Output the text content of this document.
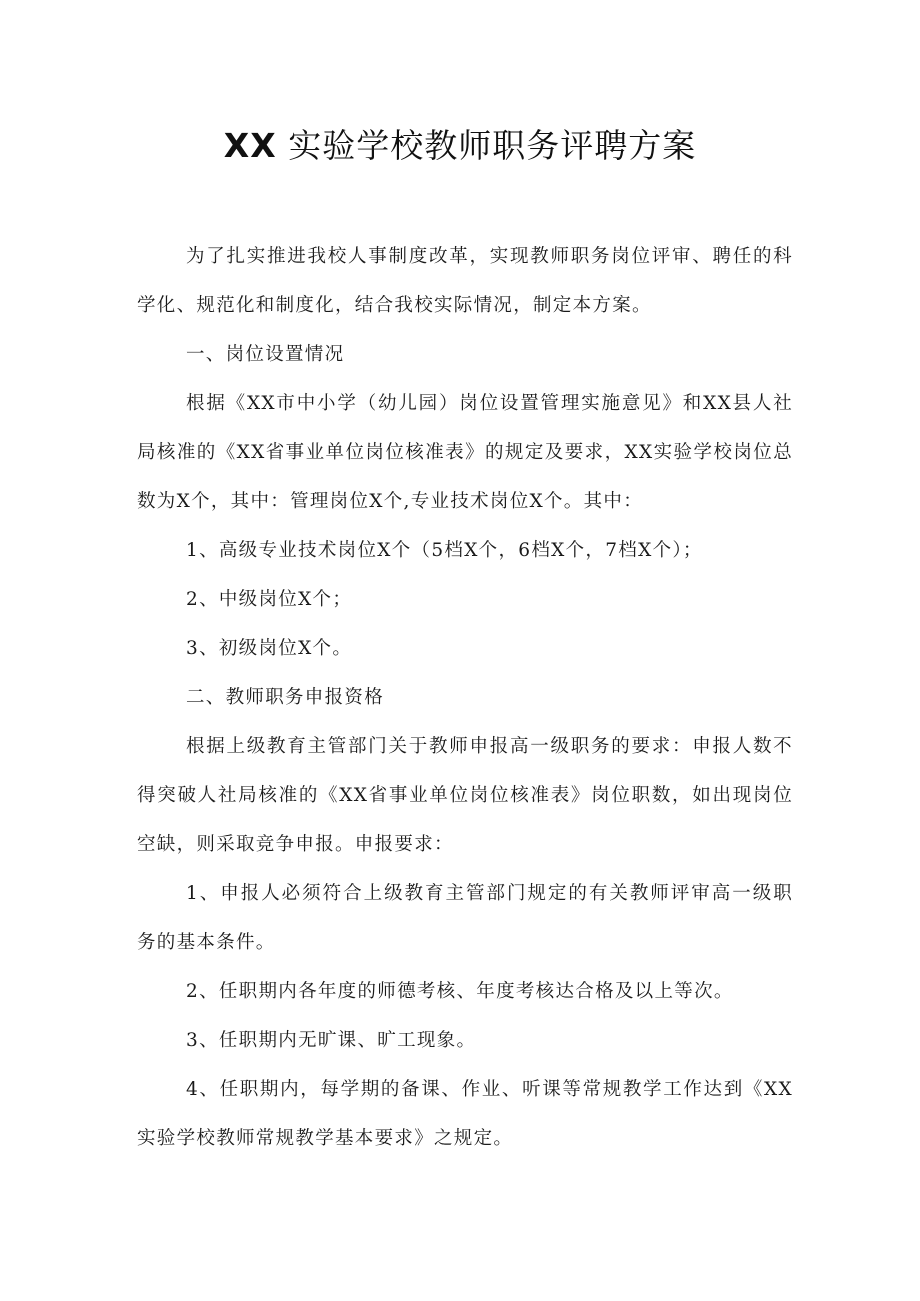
XX 实验学校教师职务评聘方案

为了扎实推进我校人事制度改革，实现教师职务岗位评审、聘任的科学化、规范化和制度化，结合我校实际情况，制定本方案。

一、岗位设置情况

根据《XX市中小学（幼儿园）岗位设置管理实施意见》和XX县人社局核准的《XX省事业单位岗位核准表》的规定及要求，XX实验学校岗位总数为X个，其中：管理岗位X个,专业技术岗位X个。其中：

1、高级专业技术岗位X个（5档X个，6档X个，7档X个）；

2、中级岗位X个；

3、初级岗位X个。

二、教师职务申报资格

根据上级教育主管部门关于教师申报高一级职务的要求：申报人数不得突破人社局核准的《XX省事业单位岗位核准表》岗位职数，如出现岗位空缺，则采取竞争申报。申报要求：

1、申报人必须符合上级教育主管部门规定的有关教师评审高一级职务的基本条件。

2、任职期内各年度的师德考核、年度考核达合格及以上等次。

3、任职期内无旷课、旷工现象。

4、任职期内，每学期的备课、作业、听课等常规教学工作达到《XX实验学校教师常规教学基本要求》之规定。
